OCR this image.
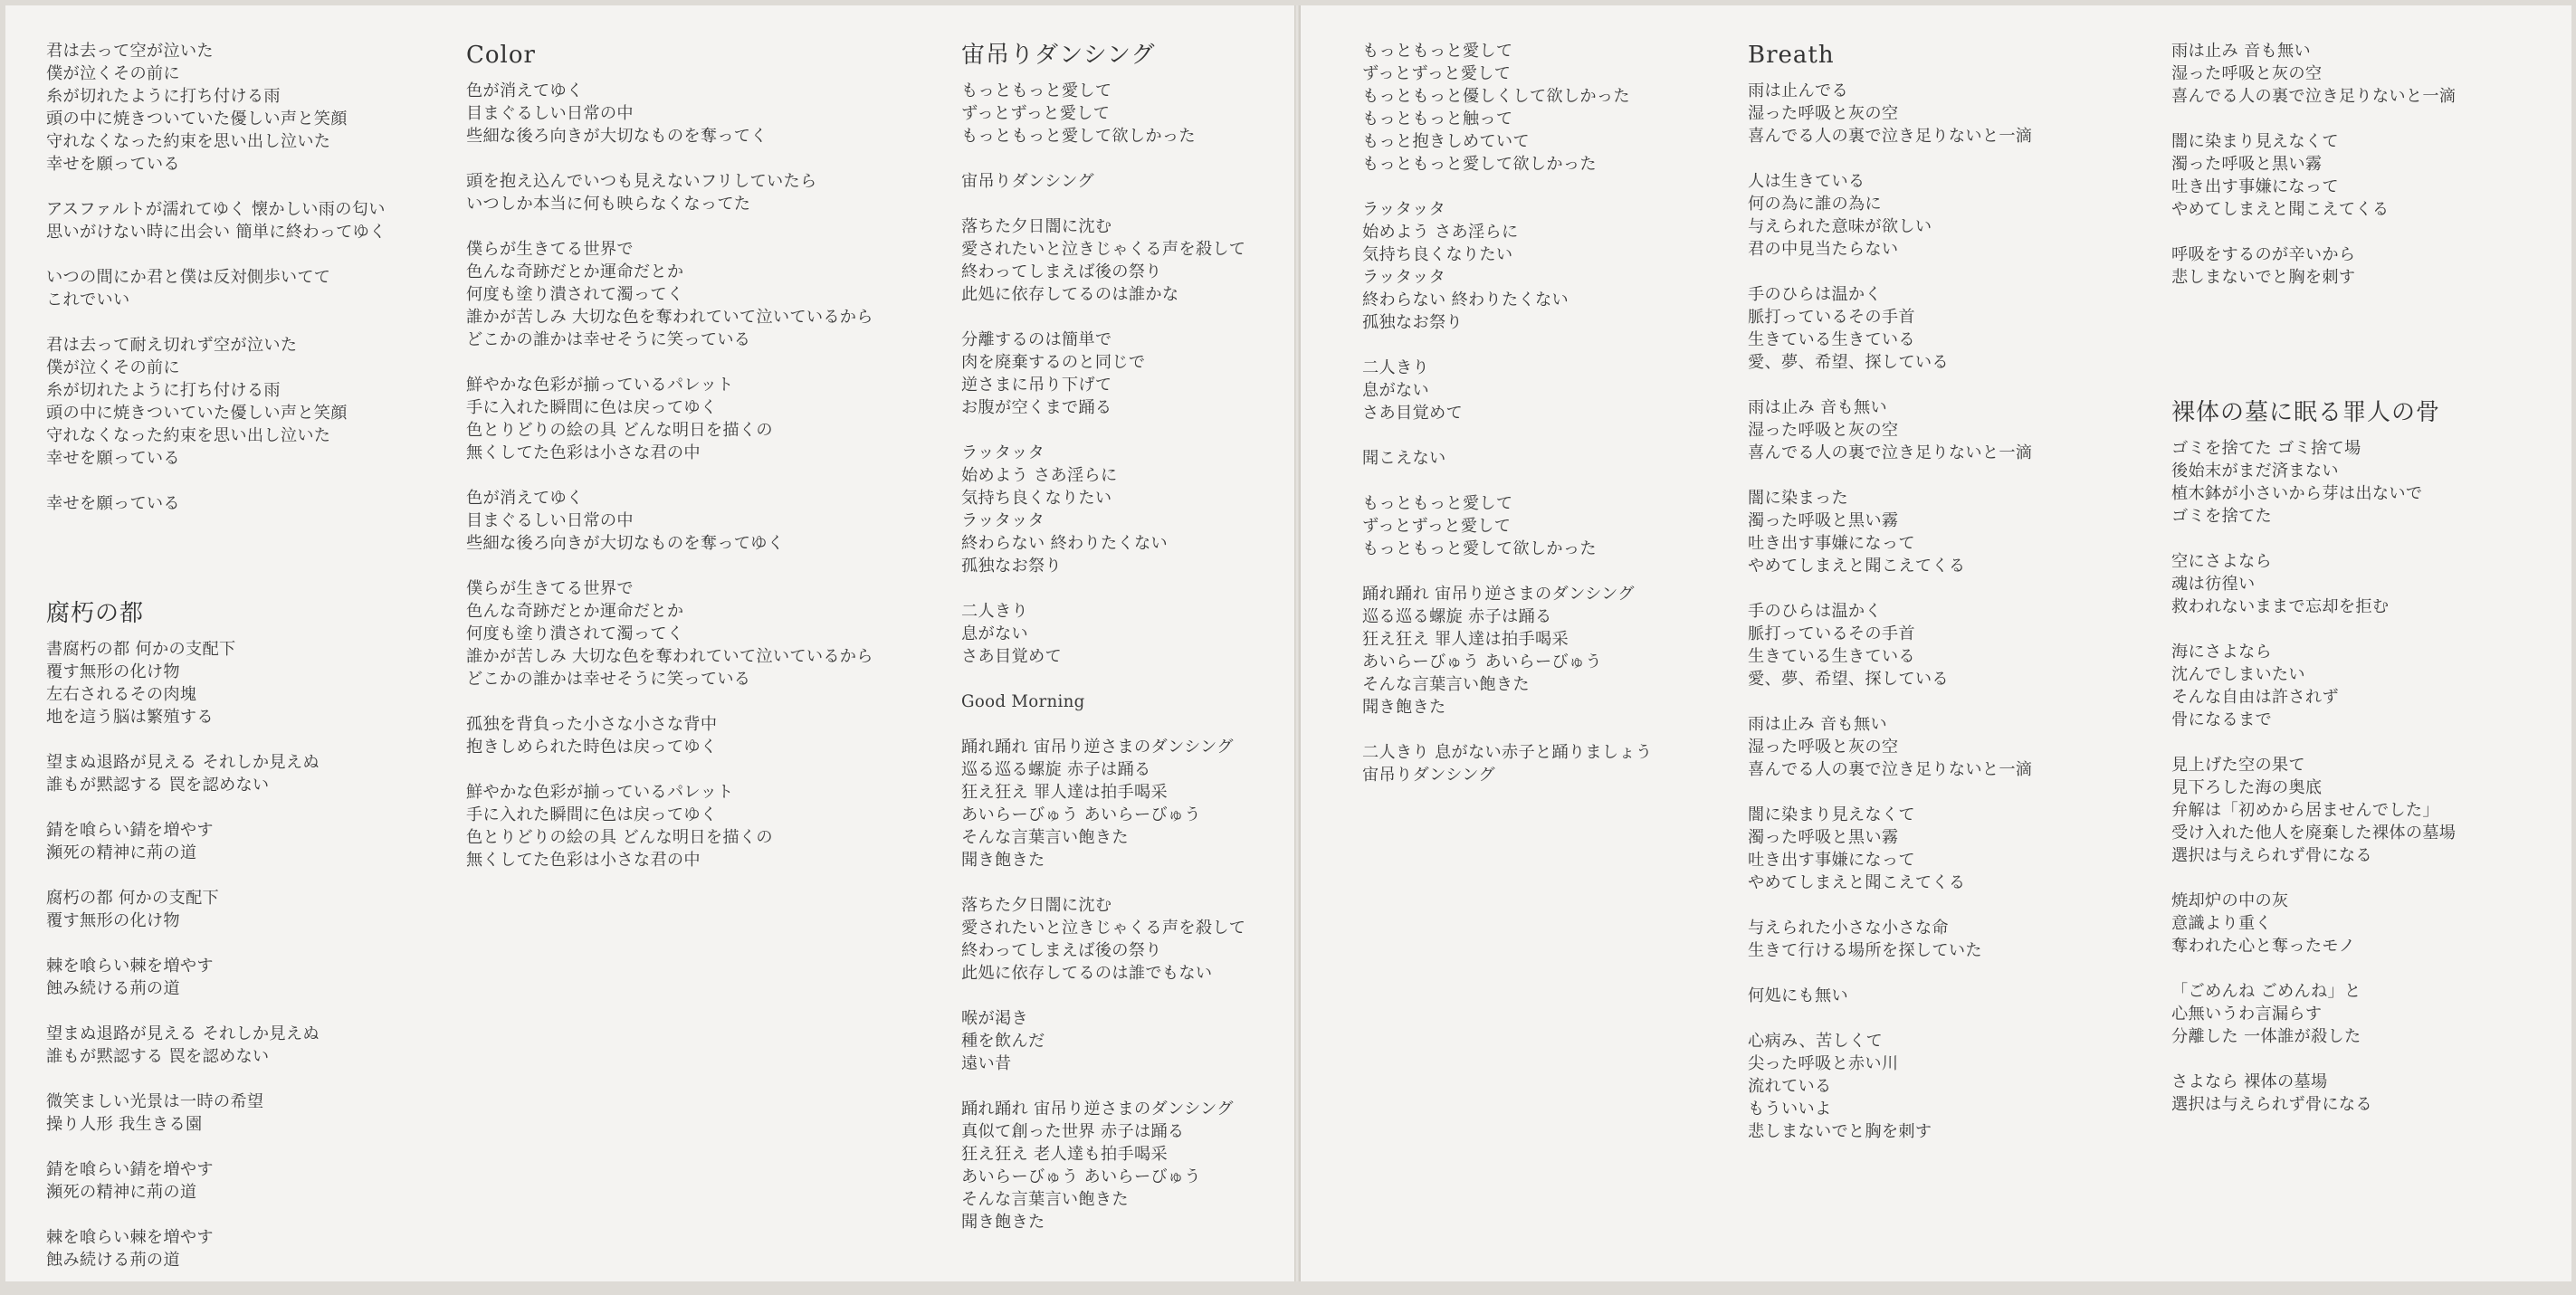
君は去って空が泣いた
僕が泣くその前に
糸が切れたように打ち付ける雨
頭の中に焼きついていた優しい声と笑顔
守れなくなった約束を思い出し泣いた
幸せを願っている
アスファルトが濡れてゆく 懐かしい雨の匂い
思いがけない時に出会い 簡単に終わってゆく
いつの間にか君と僕は反対側歩いてて
これでいい
君は去って耐え切れず空が泣いた
僕が泣くその前に
糸が切れたように打ち付ける雨
頭の中に焼きついていた優しい声と笑顔
守れなくなった約束を思い出し泣いた
幸せを願っている
幸せを願っている
腐朽の都
書腐朽の都 何かの支配下
覆す無形の化け物
左右されるその肉塊
地を這う脳は繁殖する
望まぬ退路が見える それしか見えぬ
誰もが黙認する 罠を認めない
錆を喰らい錆を増やす
瀕死の精神に荊の道
腐朽の都 何かの支配下
覆す無形の化け物
棘を喰らい棘を増やす
蝕み続ける荊の道
望まぬ退路が見える それしか見えぬ
誰もが黙認する 罠を認めない
微笑ましい光景は一時の希望
操り人形 我生きる園
錆を喰らい錆を増やす
瀕死の精神に荊の道
棘を喰らい棘を増やす
蝕み続ける荊の道
Color
色が消えてゆく
目まぐるしい日常の中
些細な後ろ向きが大切なものを奪ってく
頭を抱え込んでいつも見えないフリしていたら
いつしか本当に何も映らなくなってた
僕らが生きてる世界で
色んな奇跡だとか運命だとか
何度も塗り潰されて濁ってく
誰かが苦しみ 大切な色を奪われていて泣いているから
どこかの誰かは幸せそうに笑っている
鮮やかな色彩が揃っているパレット
手に入れた瞬間に色は戻ってゆく
色とりどりの絵の具 どんな明日を描くの
無くしてた色彩は小さな君の中
色が消えてゆく
目まぐるしい日常の中
些細な後ろ向きが大切なものを奪ってゆく
僕らが生きてる世界で
色んな奇跡だとか運命だとか
何度も塗り潰されて濁ってく
誰かが苦しみ 大切な色を奪われていて泣いているから
どこかの誰かは幸せそうに笑っている
孤独を背負った小さな小さな背中
抱きしめられた時色は戻ってゆく
鮮やかな色彩が揃っているパレット
手に入れた瞬間に色は戻ってゆく
色とりどりの絵の具 どんな明日を描くの
無くしてた色彩は小さな君の中
宙吊りダンシング
もっともっと愛して
ずっとずっと愛して
もっともっと愛して欲しかった
宙吊りダンシング
落ちた夕日闇に沈む
愛されたいと泣きじゃくる声を殺して
終わってしまえば後の祭り
此処に依存してるのは誰かな
分離するのは簡単で
肉を廃棄するのと同じで
逆さまに吊り下げて
お腹が空くまで踊る
ラッタッタ
始めよう さあ淫らに
気持ち良くなりたい
ラッタッタ
終わらない 終わりたくない
孤独なお祭り
二人きり
息がない
さあ目覚めて
Good Morning
踊れ踊れ 宙吊り逆さまのダンシング
巡る巡る螺旋 赤子は踊る
狂え狂え 罪人達は拍手喝采
あいらーびゅう あいらーびゅう
そんな言葉言い飽きた
聞き飽きた
落ちた夕日闇に沈む
愛されたいと泣きじゃくる声を殺して
終わってしまえば後の祭り
此処に依存してるのは誰でもない
喉が渇き
種を飲んだ
遠い昔
踊れ踊れ 宙吊り逆さまのダンシング
真似て創った世界 赤子は踊る
狂え狂え 老人達も拍手喝采
あいらーびゅう あいらーびゅう
そんな言葉言い飽きた
聞き飽きた
もっともっと愛して
ずっとずっと愛して
もっともっと優しくして欲しかった
もっともっと触って
もっと抱きしめていて
もっともっと愛して欲しかった
ラッタッタ
始めよう さあ淫らに
気持ち良くなりたい
ラッタッタ
終わらない 終わりたくない
孤独なお祭り
二人きり
息がない
さあ目覚めて
聞こえない
もっともっと愛して
ずっとずっと愛して
もっともっと愛して欲しかった
踊れ踊れ 宙吊り逆さまのダンシング
巡る巡る螺旋 赤子は踊る
狂え狂え 罪人達は拍手喝采
あいらーびゅう あいらーびゅう
そんな言葉言い飽きた
聞き飽きた
二人きり 息がない赤子と踊りましょう
宙吊りダンシング
Breath
雨は止んでる
湿った呼吸と灰の空
喜んでる人の裏で泣き足りないと一滴
人は生きている
何の為に誰の為に
与えられた意味が欲しい
君の中見当たらない
手のひらは温かく
脈打っているその手首
生きている生きている
愛、夢、希望、探している
雨は止み 音も無い
湿った呼吸と灰の空
喜んでる人の裏で泣き足りないと一滴
闇に染まった
濁った呼吸と黒い霧
吐き出す事嫌になって
やめてしまえと聞こえてくる
手のひらは温かく
脈打っているその手首
生きている生きている
愛、夢、希望、探している
雨は止み 音も無い
湿った呼吸と灰の空
喜んでる人の裏で泣き足りないと一滴
闇に染まり見えなくて
濁った呼吸と黒い霧
吐き出す事嫌になって
やめてしまえと聞こえてくる
与えられた小さな小さな命
生きて行ける場所を探していた
何処にも無い
心病み、苦しくて
尖った呼吸と赤い川
流れている
もういいよ
悲しまないでと胸を刺す
雨は止み 音も無い
湿った呼吸と灰の空
喜んでる人の裏で泣き足りないと一滴
闇に染まり見えなくて
濁った呼吸と黒い霧
吐き出す事嫌になって
やめてしまえと聞こえてくる
呼吸をするのが辛いから
悲しまないでと胸を刺す
裸体の墓に眠る罪人の骨
ゴミを捨てた ゴミ捨て場
後始末がまだ済まない
植木鉢が小さいから芽は出ないで
ゴミを捨てた
空にさよなら
魂は彷徨い
救われないままで忘却を拒む
海にさよなら
沈んでしまいたい
そんな自由は許されず
骨になるまで
見上げた空の果て
見下ろした海の奥底
弁解は「初めから居ませんでした」
受け入れた他人を廃棄した裸体の墓場
選択は与えられず骨になる
焼却炉の中の灰
意識より重く
奪われた心と奪ったモノ
「ごめんね ごめんね」と
心無いうわ言漏らす
分離した 一体誰が殺した
さよなら 裸体の墓場
選択は与えられず骨になる
